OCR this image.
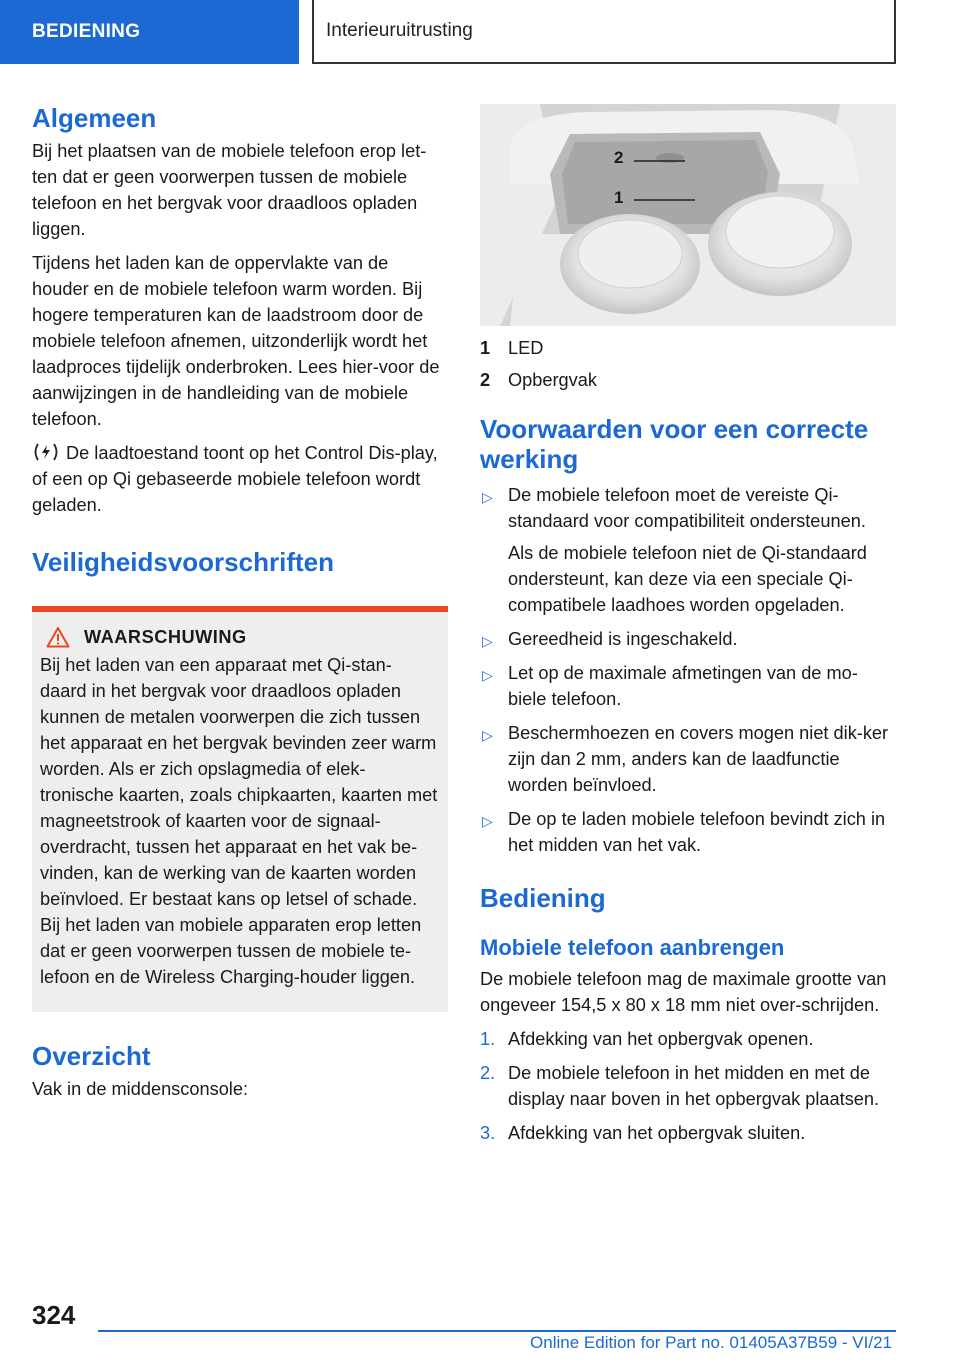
BEDIENING	Interieuruitrusting
Algemeen

Bij het plaatsen van de mobiele telefoon erop let-ten dat er geen voorwerpen tussen de mobiele telefoon en het bergvak voor draadloos opladen liggen.

Tijdens het laden kan de oppervlakte van de houder en de mobiele telefoon warm worden. Bij hogere temperaturen kan de laadstroom door de mobiele telefoon afnemen, uitzonderlijk wordt het laadproces tijdelijk onderbroken. Lees hier-voor de aanwijzingen in de handleiding van de mobiele telefoon.

De laadtoestand toont op het Control Dis-play, of een op Qi gebaseerde mobiele telefoon wordt geladen.

Veiligheidsvoorschriften
WAARSCHUWING

Bij het laden van een apparaat met Qi-stan-daard in het bergvak voor draadloos opladen kunnen de metalen voorwerpen die zich tussen het apparaat en het bergvak bevinden zeer warm worden. Als er zich opslagmedia of elek-tronische kaarten, zoals chipkaarten, kaarten met magneetstrook of kaarten voor de signaal-overdracht, tussen het apparaat en het vak be-vinden, kan de werking van de kaarten worden beïnvloed. Er bestaat kans op letsel of schade. Bij het laden van mobiele apparaten erop letten dat er geen voorwerpen tussen de mobiele te-lefoon en de Wireless Charging-houder liggen.

Overzicht

Vak in de middensconsole:

2
1
1 LED
2 Opbergvak
Voorwaarden voor een correcte werking
▷ De mobiele telefoon moet de vereiste Qi-standaard voor compatibiliteit ondersteunen.

Als de mobiele telefoon niet de Qi-standaard ondersteunt, kan deze via een speciale Qi-compatibele laadhoes worden opgeladen.

▷ Gereedheid is ingeschakeld.
▷ Let op de maximale afmetingen van de mo-biele telefoon.
▷ Beschermhoezen en covers mogen niet dik-ker zijn dan 2 mm, anders kan de laadfunctie worden beïnvloed.
▷ De op te laden mobiele telefoon bevindt zich in het midden van het vak.
Bediening
Mobiele telefoon aanbrengen

De mobiele telefoon mag de maximale grootte van ongeveer 154,5 x 80 x 18 mm niet over-schrijden.

1. Afdekking van het opbergvak openen.
2. De mobiele telefoon in het midden en met de display naar boven in het opbergvak plaatsen.
3. Afdekking van het opbergvak sluiten.
324
Online Edition for Part no. 01405A37B59 - VI/21
